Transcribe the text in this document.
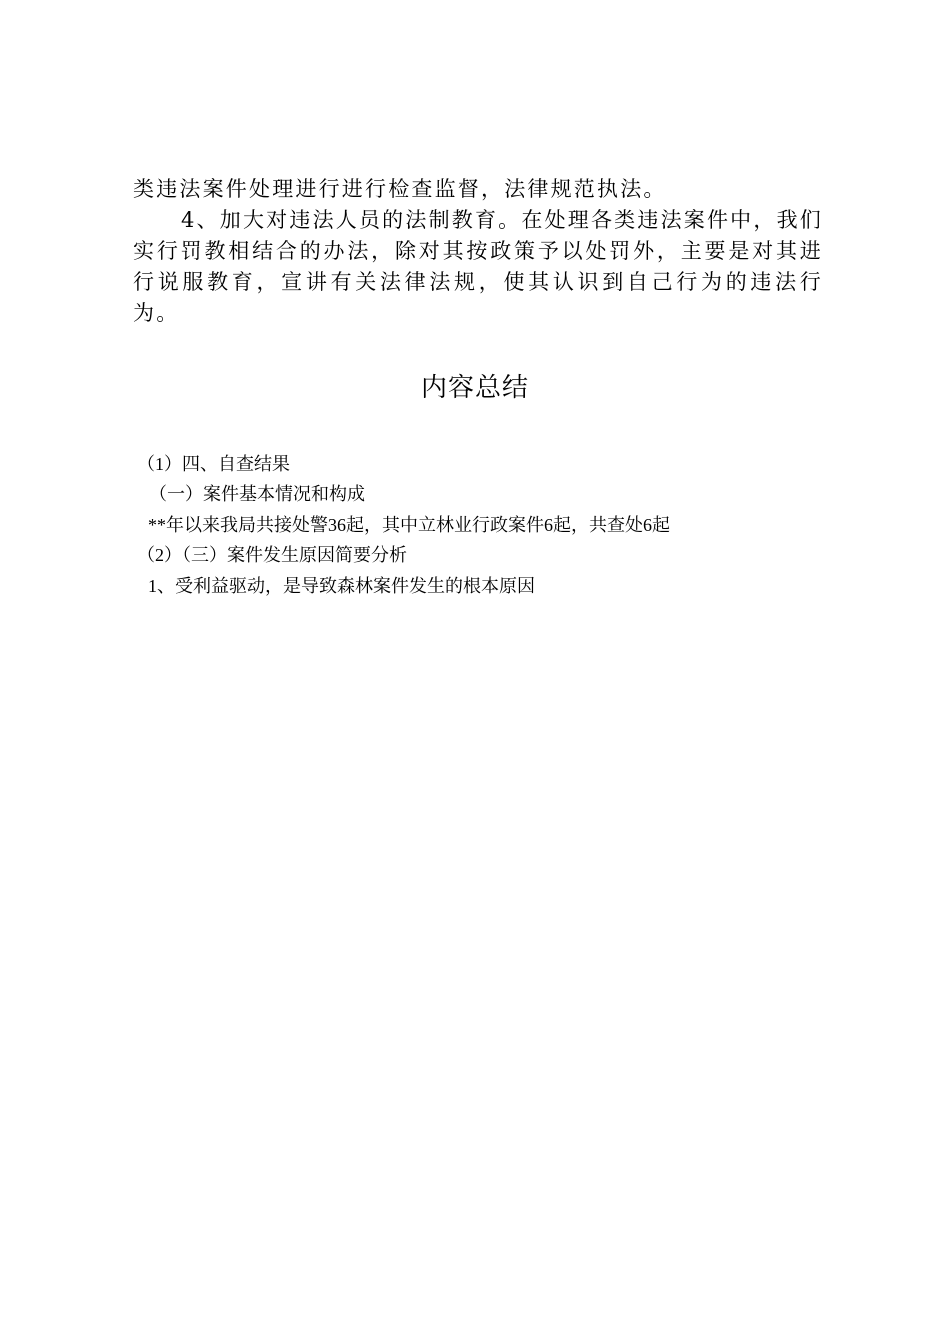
类违法案件处理进行进行检查监督，法律规范执法。

4、加大对违法人员的法制教育。在处理各类违法案件中，我们实行罚教相结合的办法，除对其按政策予以处罚外，主要是对其进行说服教育，宣讲有关法律法规，使其认识到自己行为的违法行为。

内容总结
（1）四、自查结果
（一）案件基本情况和构成
**年以来我局共接处警36起，其中立林业行政案件6起，共查处6起
（2）（三）案件发生原因简要分析
1、受利益驱动，是导致森林案件发生的根本原因
